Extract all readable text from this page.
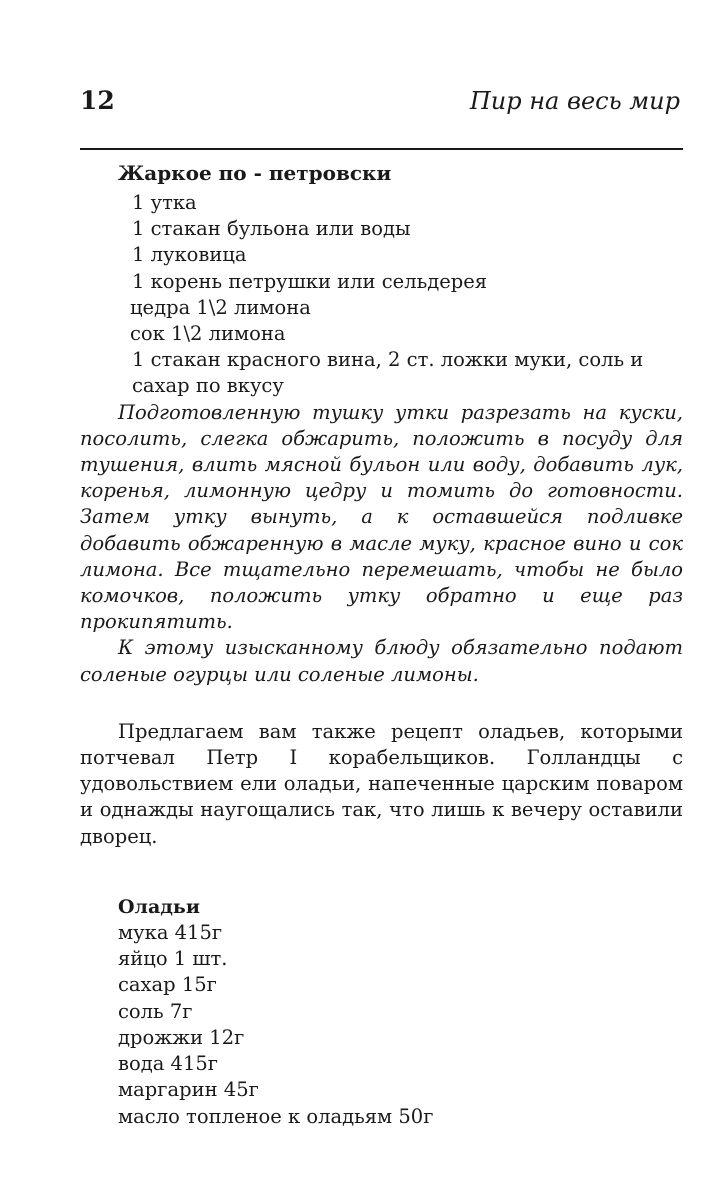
12	Пир на весь мир
Жаркое по - петровски
1 утка
1 стакан бульона или воды
1 луковица
1 корень петрушки или сельдерея
цедра 1\2 лимона
сок 1\2 лимона
1 стакан красного вина, 2 ст. ложки муки, соль и
сахар по вкусу

Подготовленную тушку утки разрезать на куски, посолить, слегка обжарить, положить в посуду для тушения, влить мясной бульон или воду, добавить лук, коренья, лимонную цедру и томить до готовности. Затем утку вынуть, а к оставшейся подливке добавить обжаренную в масле муку, красное вино и сок лимона. Все тщательно перемешать, чтобы не было комочков, положить утку обратно и еще раз прокипятить.

К этому изысканному блюду обязательно подают соленые огурцы или соленые лимоны.

Предлагаем вам также рецепт оладьев, которыми потчевал Петр I корабельщиков. Голландцы с удовольствием ели оладьи, напеченные царским поваром и однажды наугощались так, что лишь к вечеру оставили дворец.

Оладьи
мука 415г
яйцо 1 шт.
сахар 15г
соль 7г
дрожжи 12г
вода 415г
маргарин 45г
масло топленое к оладьям 50г
